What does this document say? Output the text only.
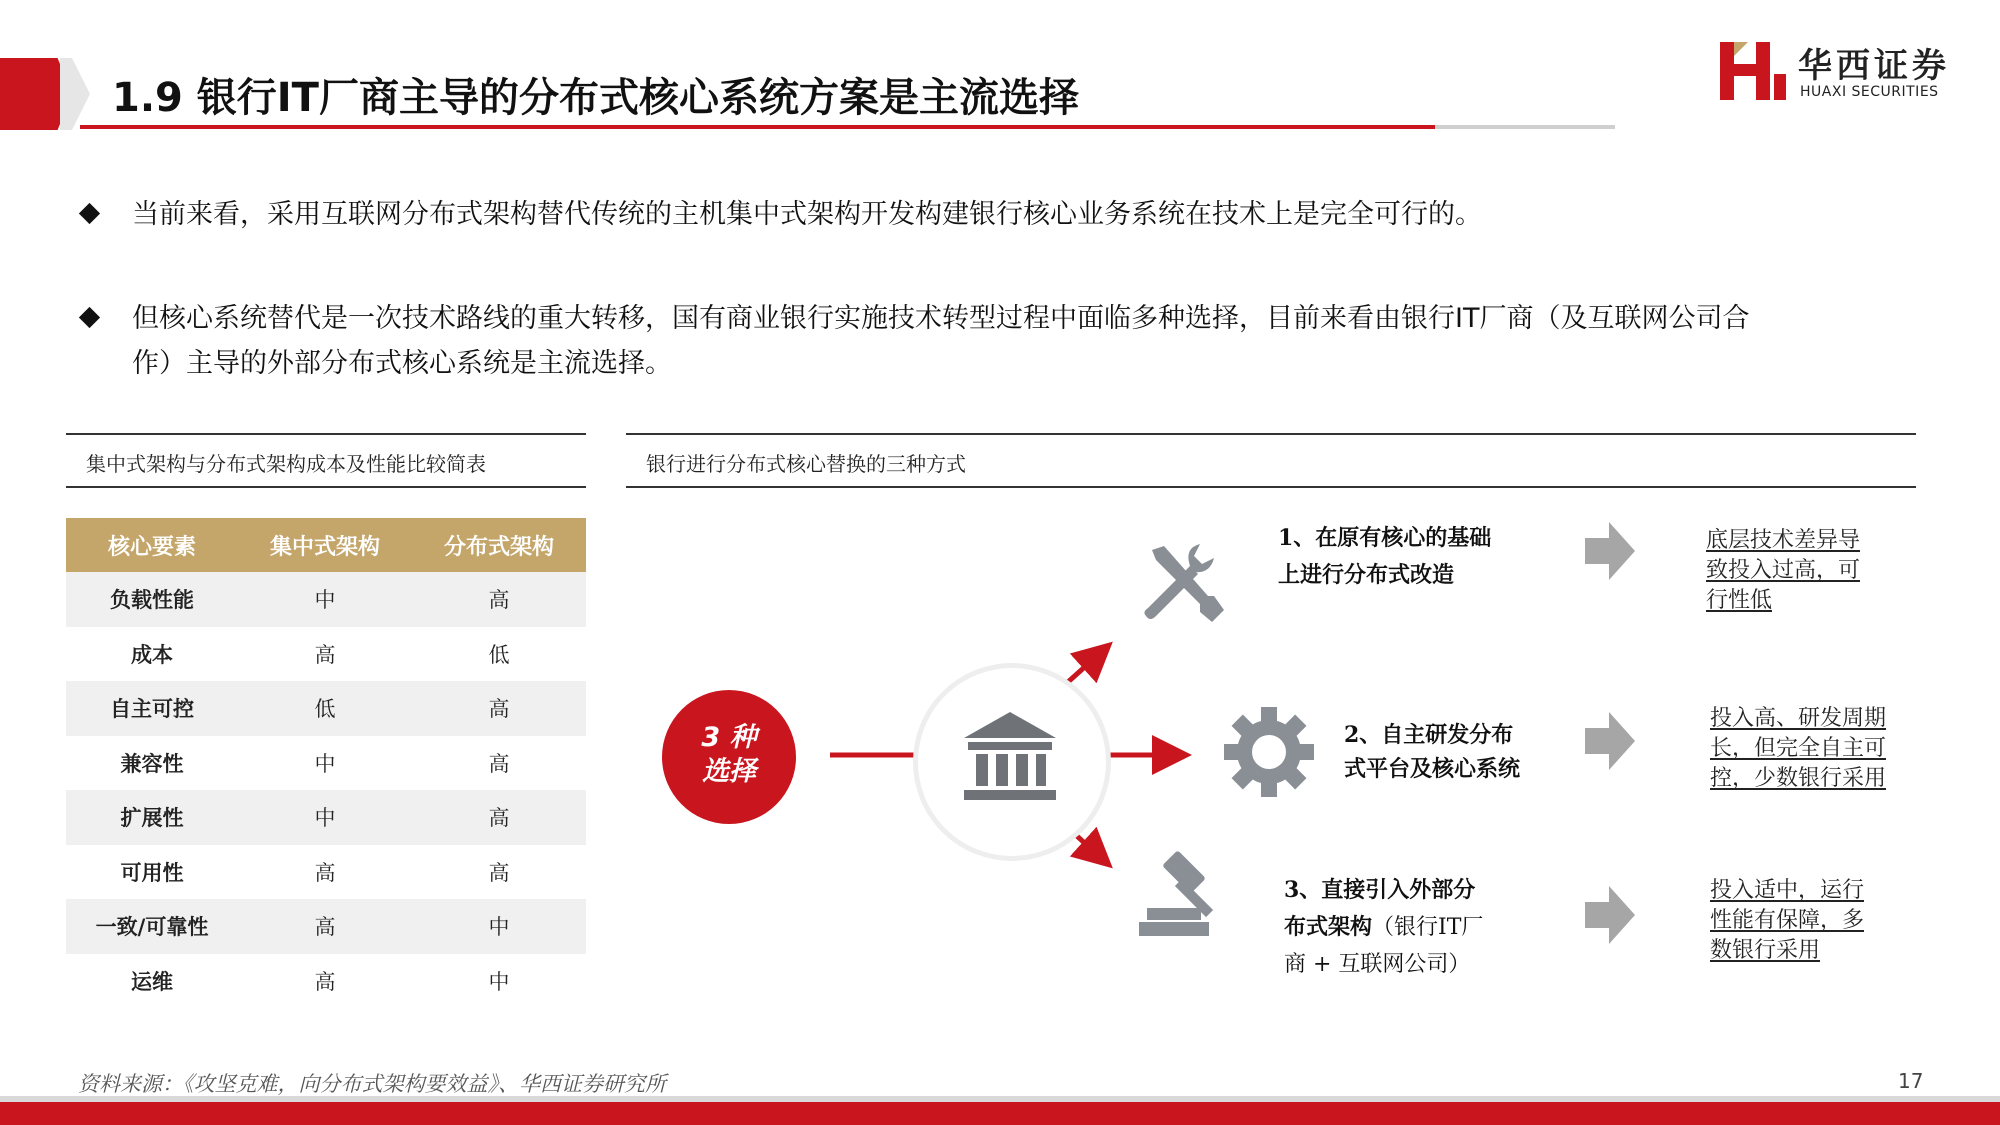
1.9 银行IT厂商主导的分布式核心系统方案是主流选择
华西证券
HUAXI SECURITIES
当前来看，采用互联网分布式架构替代传统的主机集中式架构开发构建银行核心业务系统在技术上是完全可行的。
但核心系统替代是一次技术路线的重大转移，国有商业银行实施技术转型过程中面临多种选择，目前来看由银行IT厂商（及互联网公司合
作）主导的外部分布式核心系统是主流选择。
集中式架构与分布式架构成本及性能比较简表	银行进行分布式核心替换的三种方式
核心要素	集中式架构	分布式架构
负载性能	中	高
成本	高	低
自主可控	低	高
兼容性	中	高
扩展性	中	高
可用性	高	高
一致/可靠性	高	中
运维	高	中
3 种
选择
1、在原有核心的基础
上进行分布式改造
底层技术差异导
致投入过高，可
行性低
2、自主研发分布
式平台及核心系统
投入高、研发周期
长，但完全自主可
控，少数银行采用
3、直接引入外部分
布式架构（银行IT厂
商 + 互联网公司）
投入适中，运行
性能有保障，多
数银行采用
资料来源：《攻坚克难，向分布式架构要效益》、华西证券研究所	17
